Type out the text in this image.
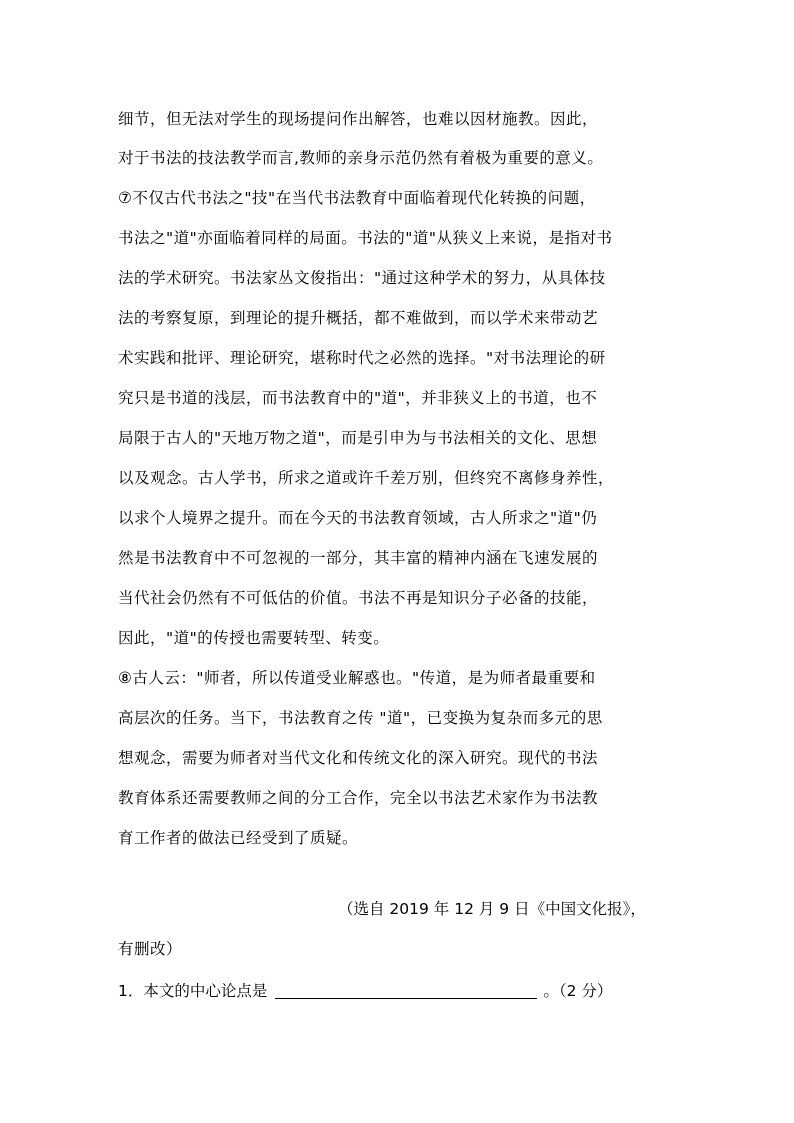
细节，但无法对学生的现场提问作出解答，也难以因材施教。因此，
对于书法的技法教学而言,教师的亲身示范仍然有着极为重要的意义。
⑦不仅古代书法之"技"在当代书法教育中面临着现代化转换的问题，
书法之"道"亦面临着同样的局面。书法的"道"从狭义上来说，是指对书
法的学术研究。书法家丛文俊指出："通过这种学术的努力，从具体技
法的考察复原，到理论的提升概括，都不难做到，而以学术来带动艺
术实践和批评、理论研究，堪称时代之必然的选择。"对书法理论的研
究只是书道的浅层，而书法教育中的"道"，并非狭义上的书道，也不
局限于古人的"天地万物之道"，而是引申为与书法相关的文化、思想
以及观念。古人学书，所求之道或许千差万别，但终究不离修身养性，
以求个人境界之提升。而在今天的书法教育领域，古人所求之"道"仍
然是书法教育中不可忽视的一部分，其丰富的精神内涵在飞速发展的
当代社会仍然有不可低估的价值。书法不再是知识分子必备的技能，
因此，"道"的传授也需要转型、转变。
⑧古人云："师者，所以传道受业解惑也。"传道，是为师者最重要和
高层次的任务。当下，书法教育之传 "道"，已变换为复杂而多元的思
想观念，需要为师者对当代文化和传统文化的深入研究。现代的书法
教育体系还需要教师之间的分工合作，完全以书法艺术家作为书法教
育工作者的做法已经受到了质疑。
（选自 2019 年 12 月 9 日《中国文化报》，
有删改）
1．本文的中心论点是	。（2 分）
